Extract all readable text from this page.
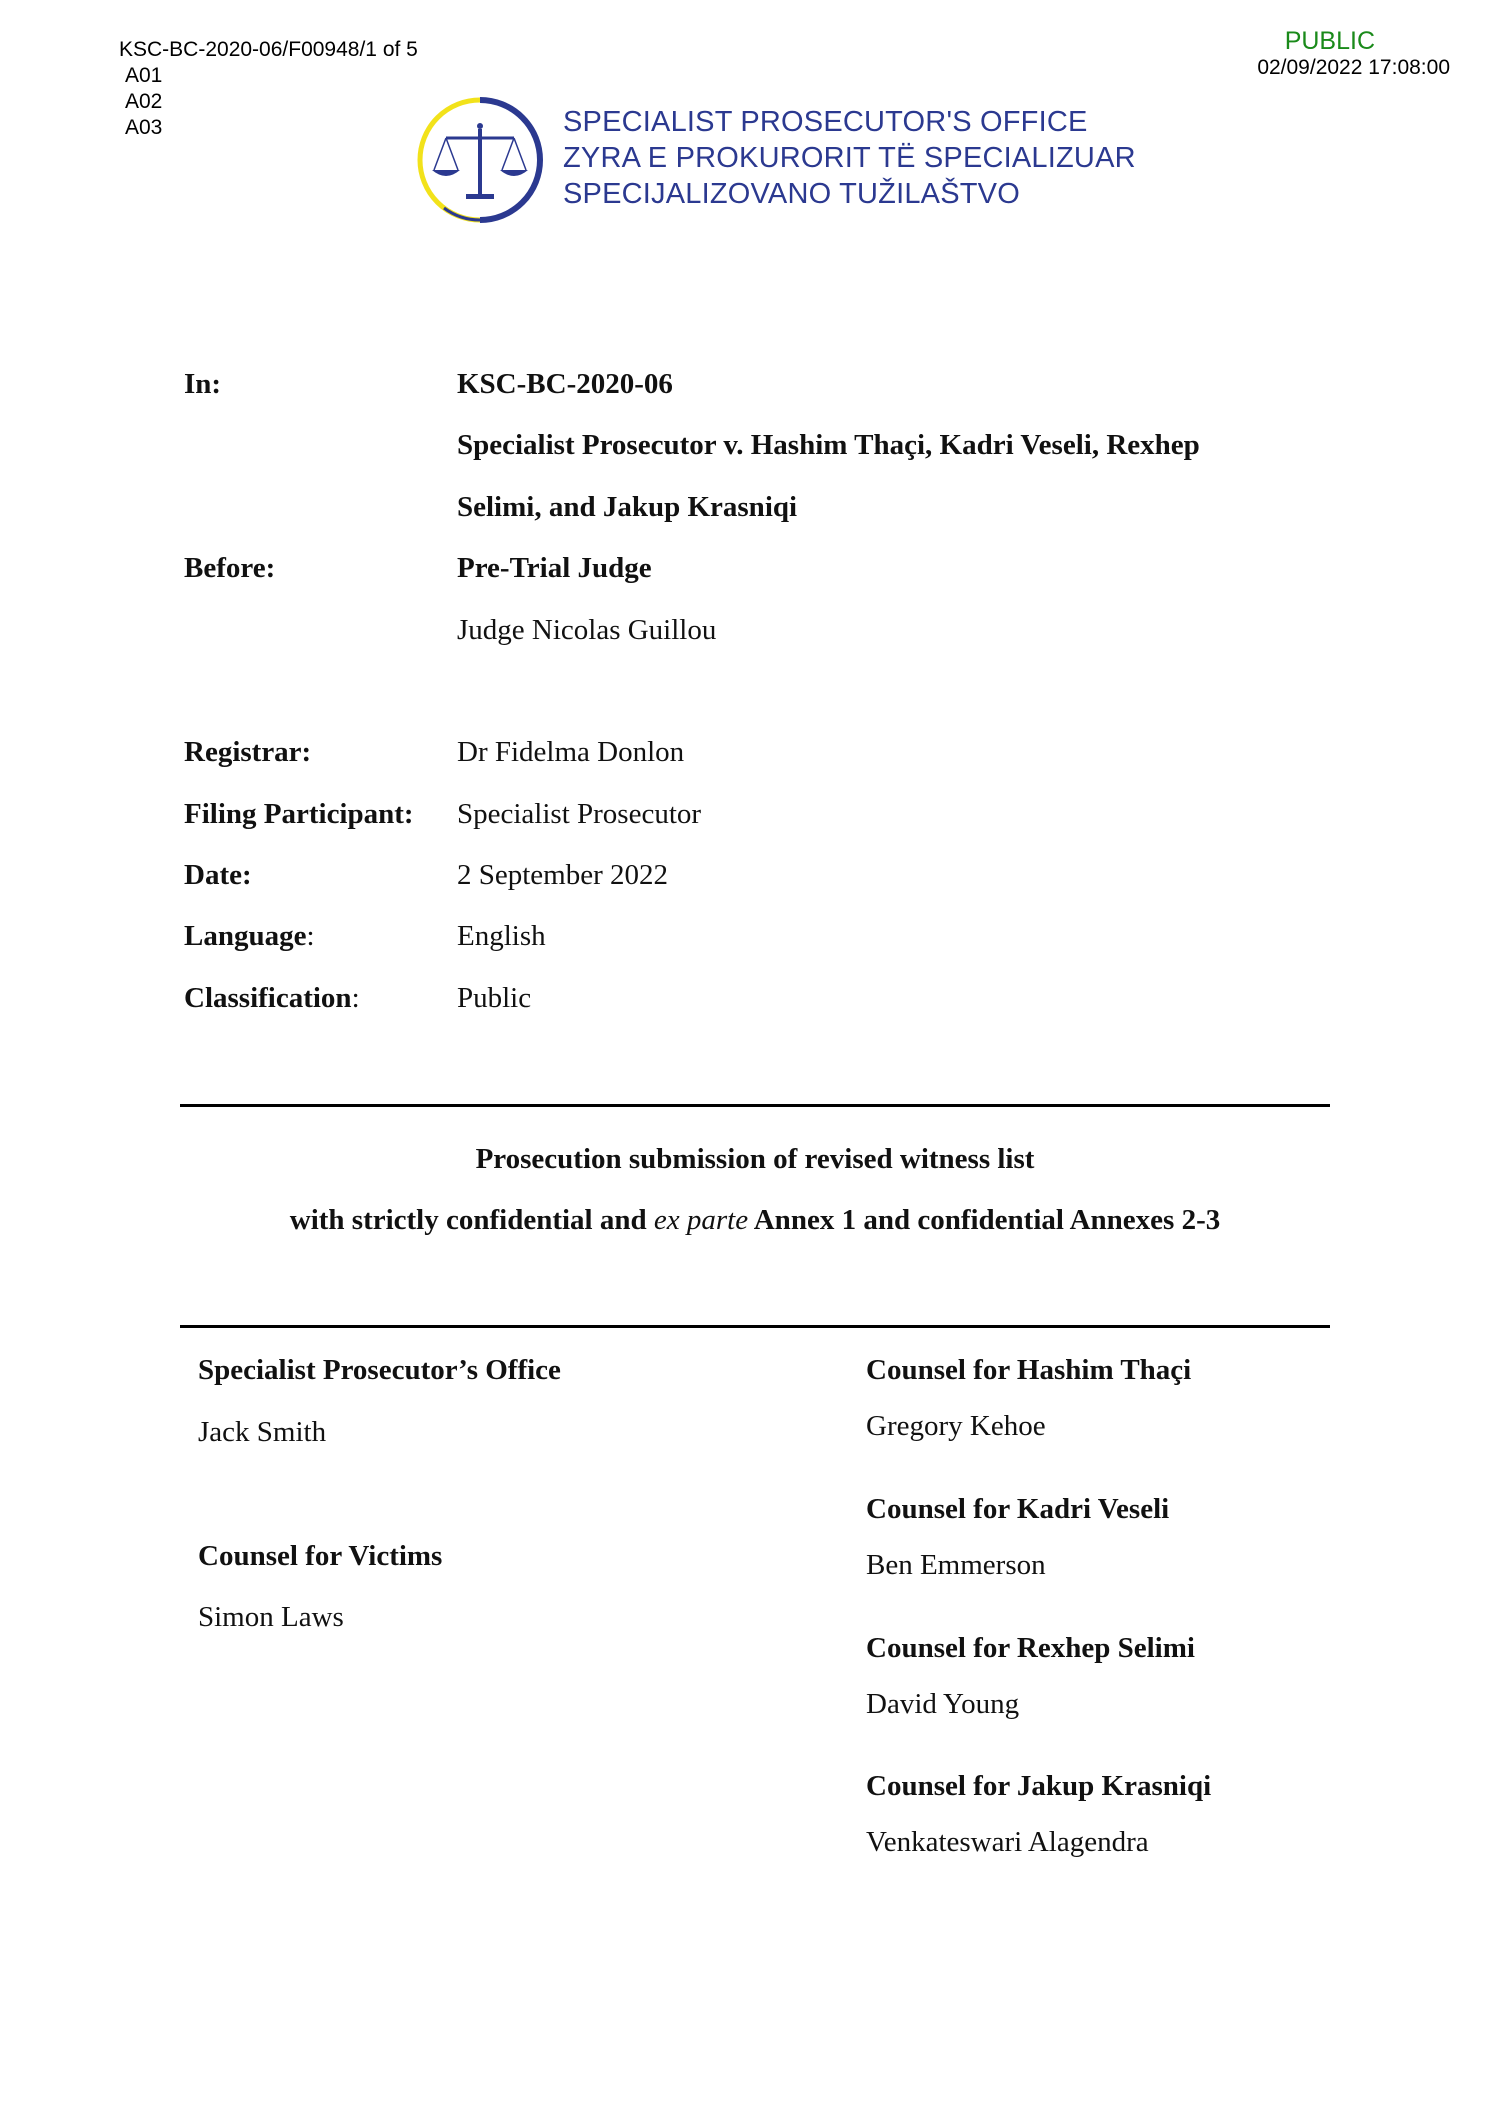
KSC-BC-2020-06/F00948/1 of 5
A01
A02
A03
PUBLIC
02/09/2022 17:08:00
SPECIALIST PROSECUTOR'S OFFICE
ZYRA E PROKURORIT TË SPECIALIZUAR
SPECIJALIZOVANO TUŽILAŠTVO
In:	KSC-BC-2020-06
Specialist Prosecutor v. Hashim Thaçi, Kadri Veseli, Rexhep
Selimi, and Jakup Krasniqi
Before:	Pre-Trial Judge
Judge Nicolas Guillou
Registrar:	Dr Fidelma Donlon
Filing Participant: Specialist Prosecutor
Date:	2 September 2022
Language:	English
Classification:	Public
Prosecution submission of revised witness list
with strictly confidential and ex parte Annex 1 and confidential Annexes 2-3
Specialist Prosecutor’s Office
Jack Smith
Counsel for Victims
Simon Laws
Counsel for Hashim Thaçi
Gregory Kehoe
Counsel for Kadri Veseli
Ben Emmerson
Counsel for Rexhep Selimi
David Young
Counsel for Jakup Krasniqi
Venkateswari Alagendra
